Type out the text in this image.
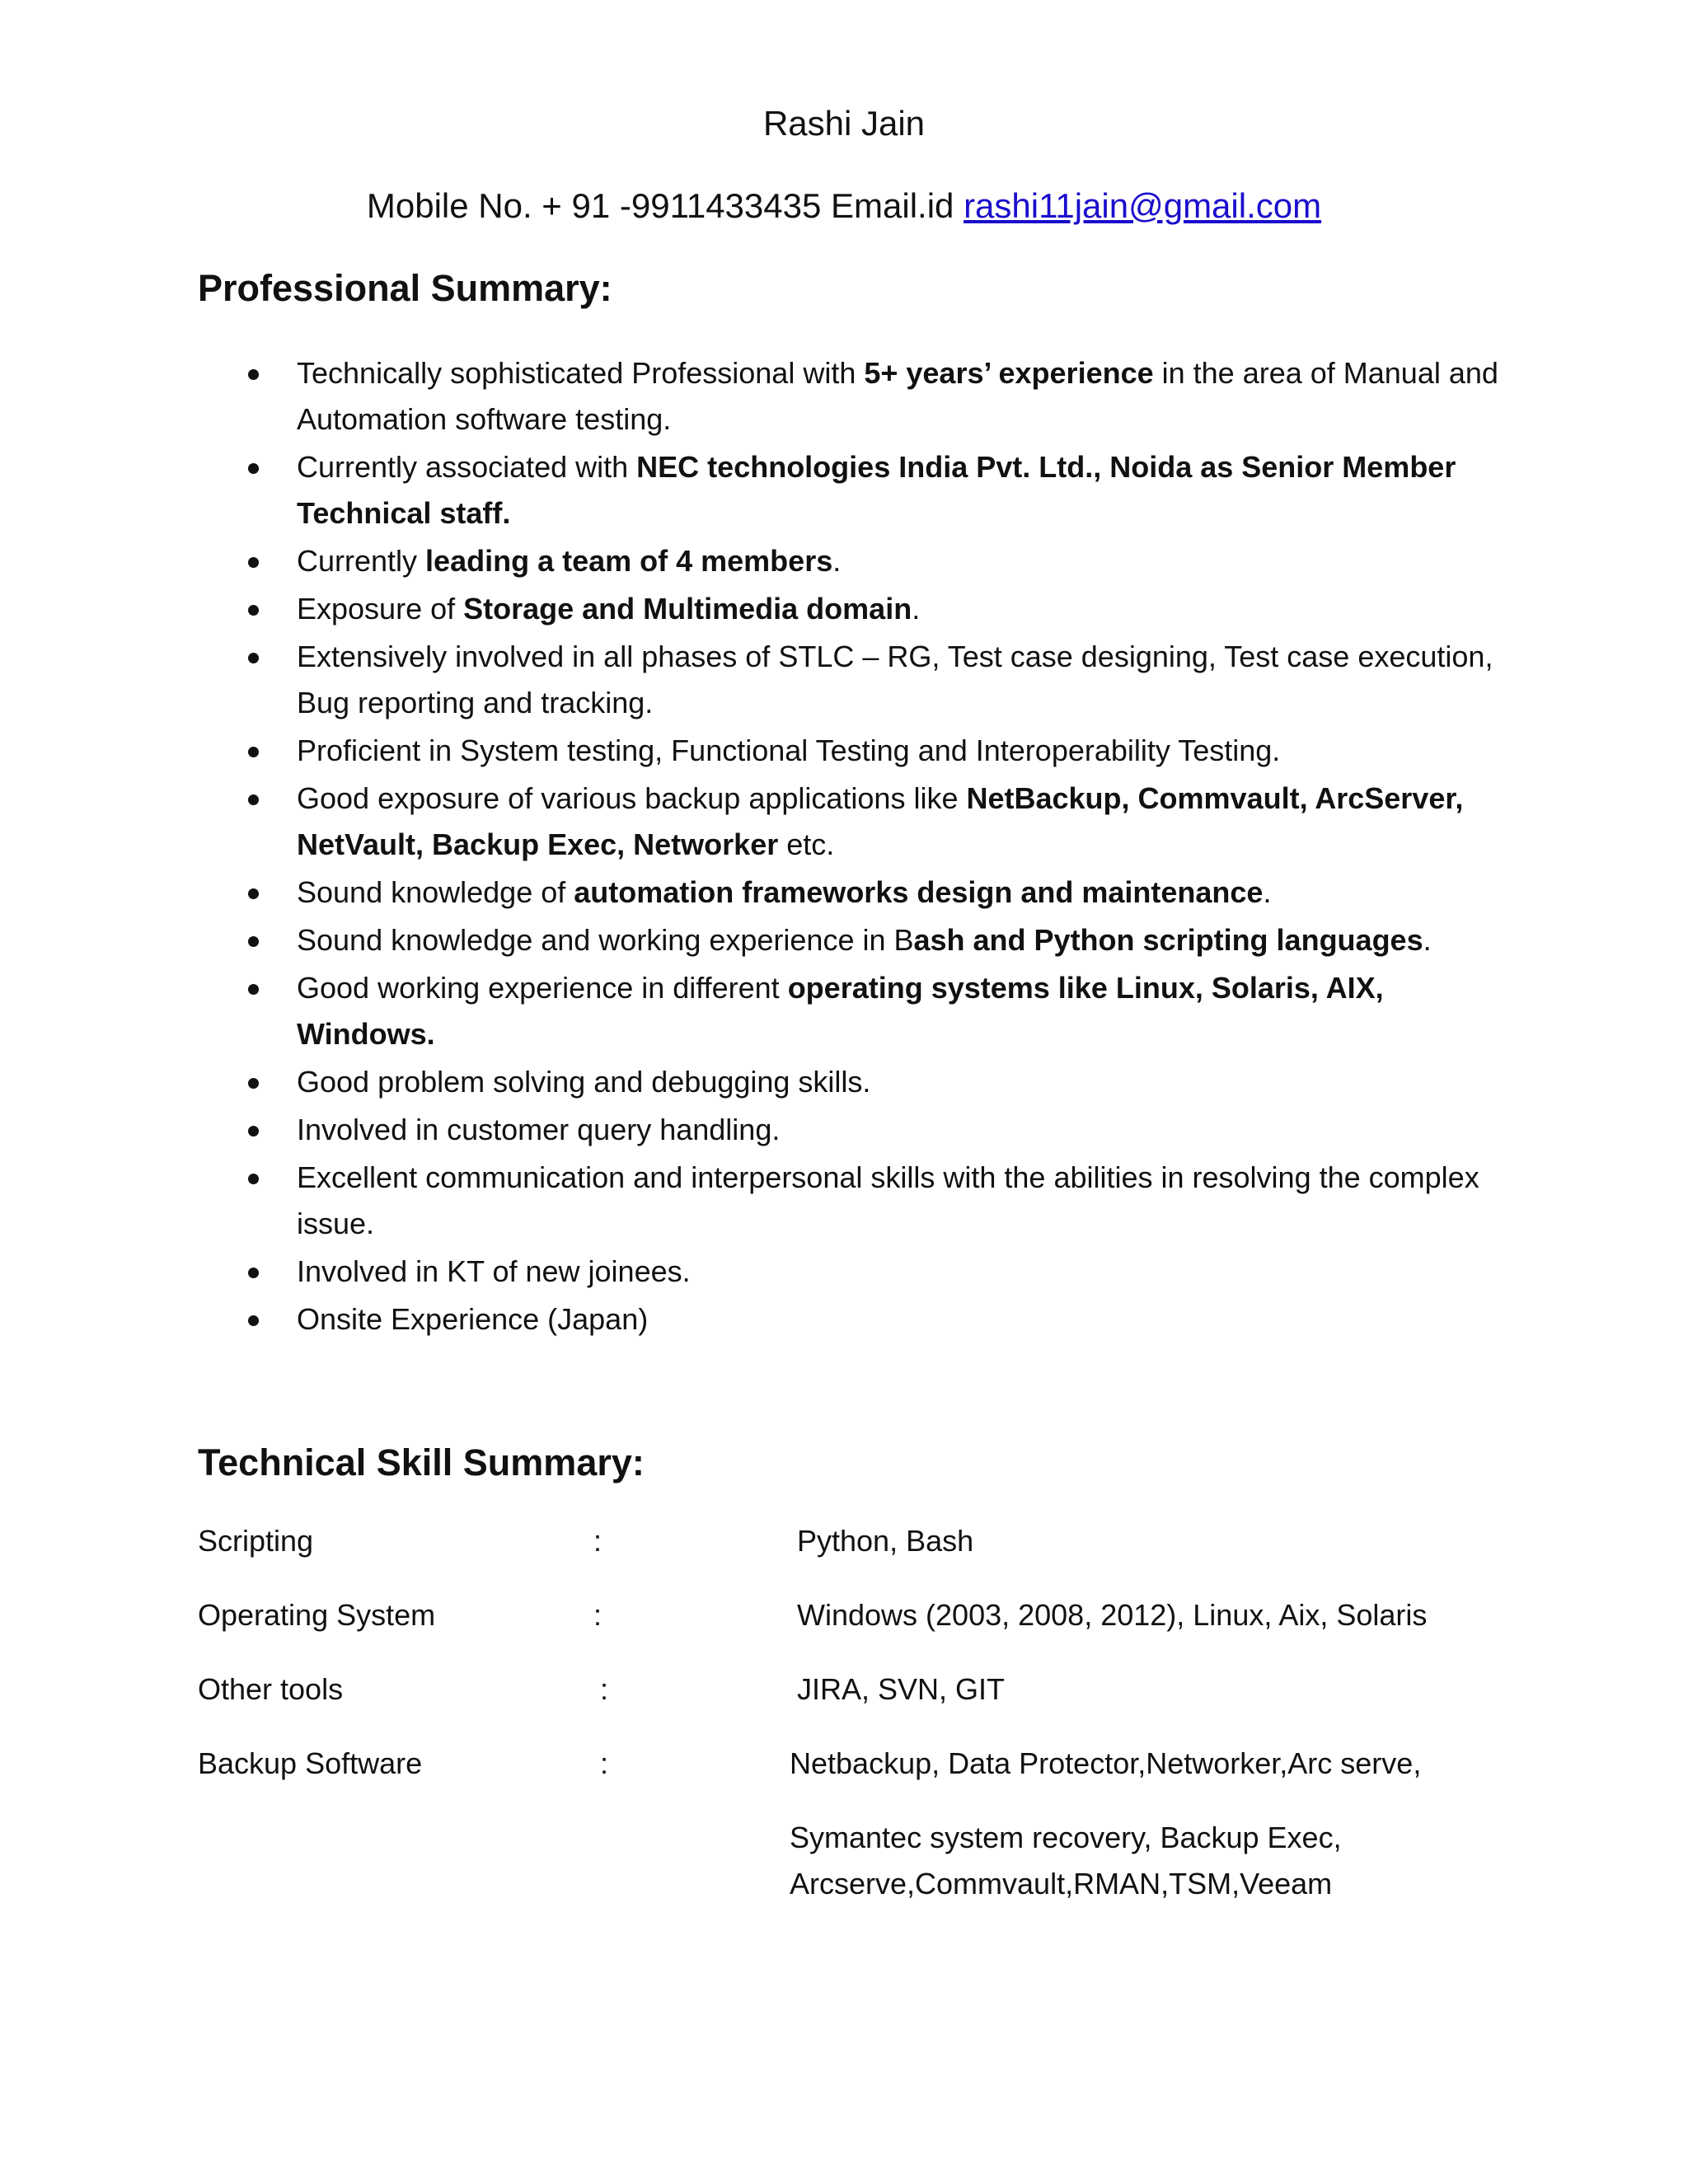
Rashi Jain
Mobile No. + 91 -9911433435 Email.id rashi11jain@gmail.com
Professional Summary:
Technically sophisticated Professional with 5+ years’ experience in the area of Manual and Automation software testing.
Currently associated with NEC technologies India Pvt. Ltd., Noida as Senior Member Technical staff.
Currently leading a team of 4 members.
Exposure of Storage and Multimedia domain.
Extensively involved in all phases of STLC – RG, Test case designing, Test case execution, Bug reporting and tracking.
Proficient in System testing, Functional Testing and Interoperability Testing.
Good exposure of various backup applications like NetBackup, Commvault, ArcServer, NetVault, Backup Exec, Networker etc.
Sound knowledge of automation frameworks design and maintenance.
Sound knowledge and working experience in Bash and Python scripting languages.
Good working experience in different operating systems like Linux, Solaris, AIX, Windows.
Good problem solving and debugging skills.
Involved in customer query handling.
Excellent communication and interpersonal skills with the abilities in resolving the complex issue.
Involved in KT of new joinees.
Onsite Experience (Japan)
Technical Skill Summary:
Scripting	:	Python, Bash
Operating System	:	Windows (2003, 2008, 2012), Linux, Aix, Solaris
Other tools	:	JIRA, SVN, GIT
Backup Software	:	Netbackup, Data Protector,Networker,Arc serve,
Symantec system recovery, Backup Exec, Arcserve,Commvault,RMAN,TSM,Veeam
